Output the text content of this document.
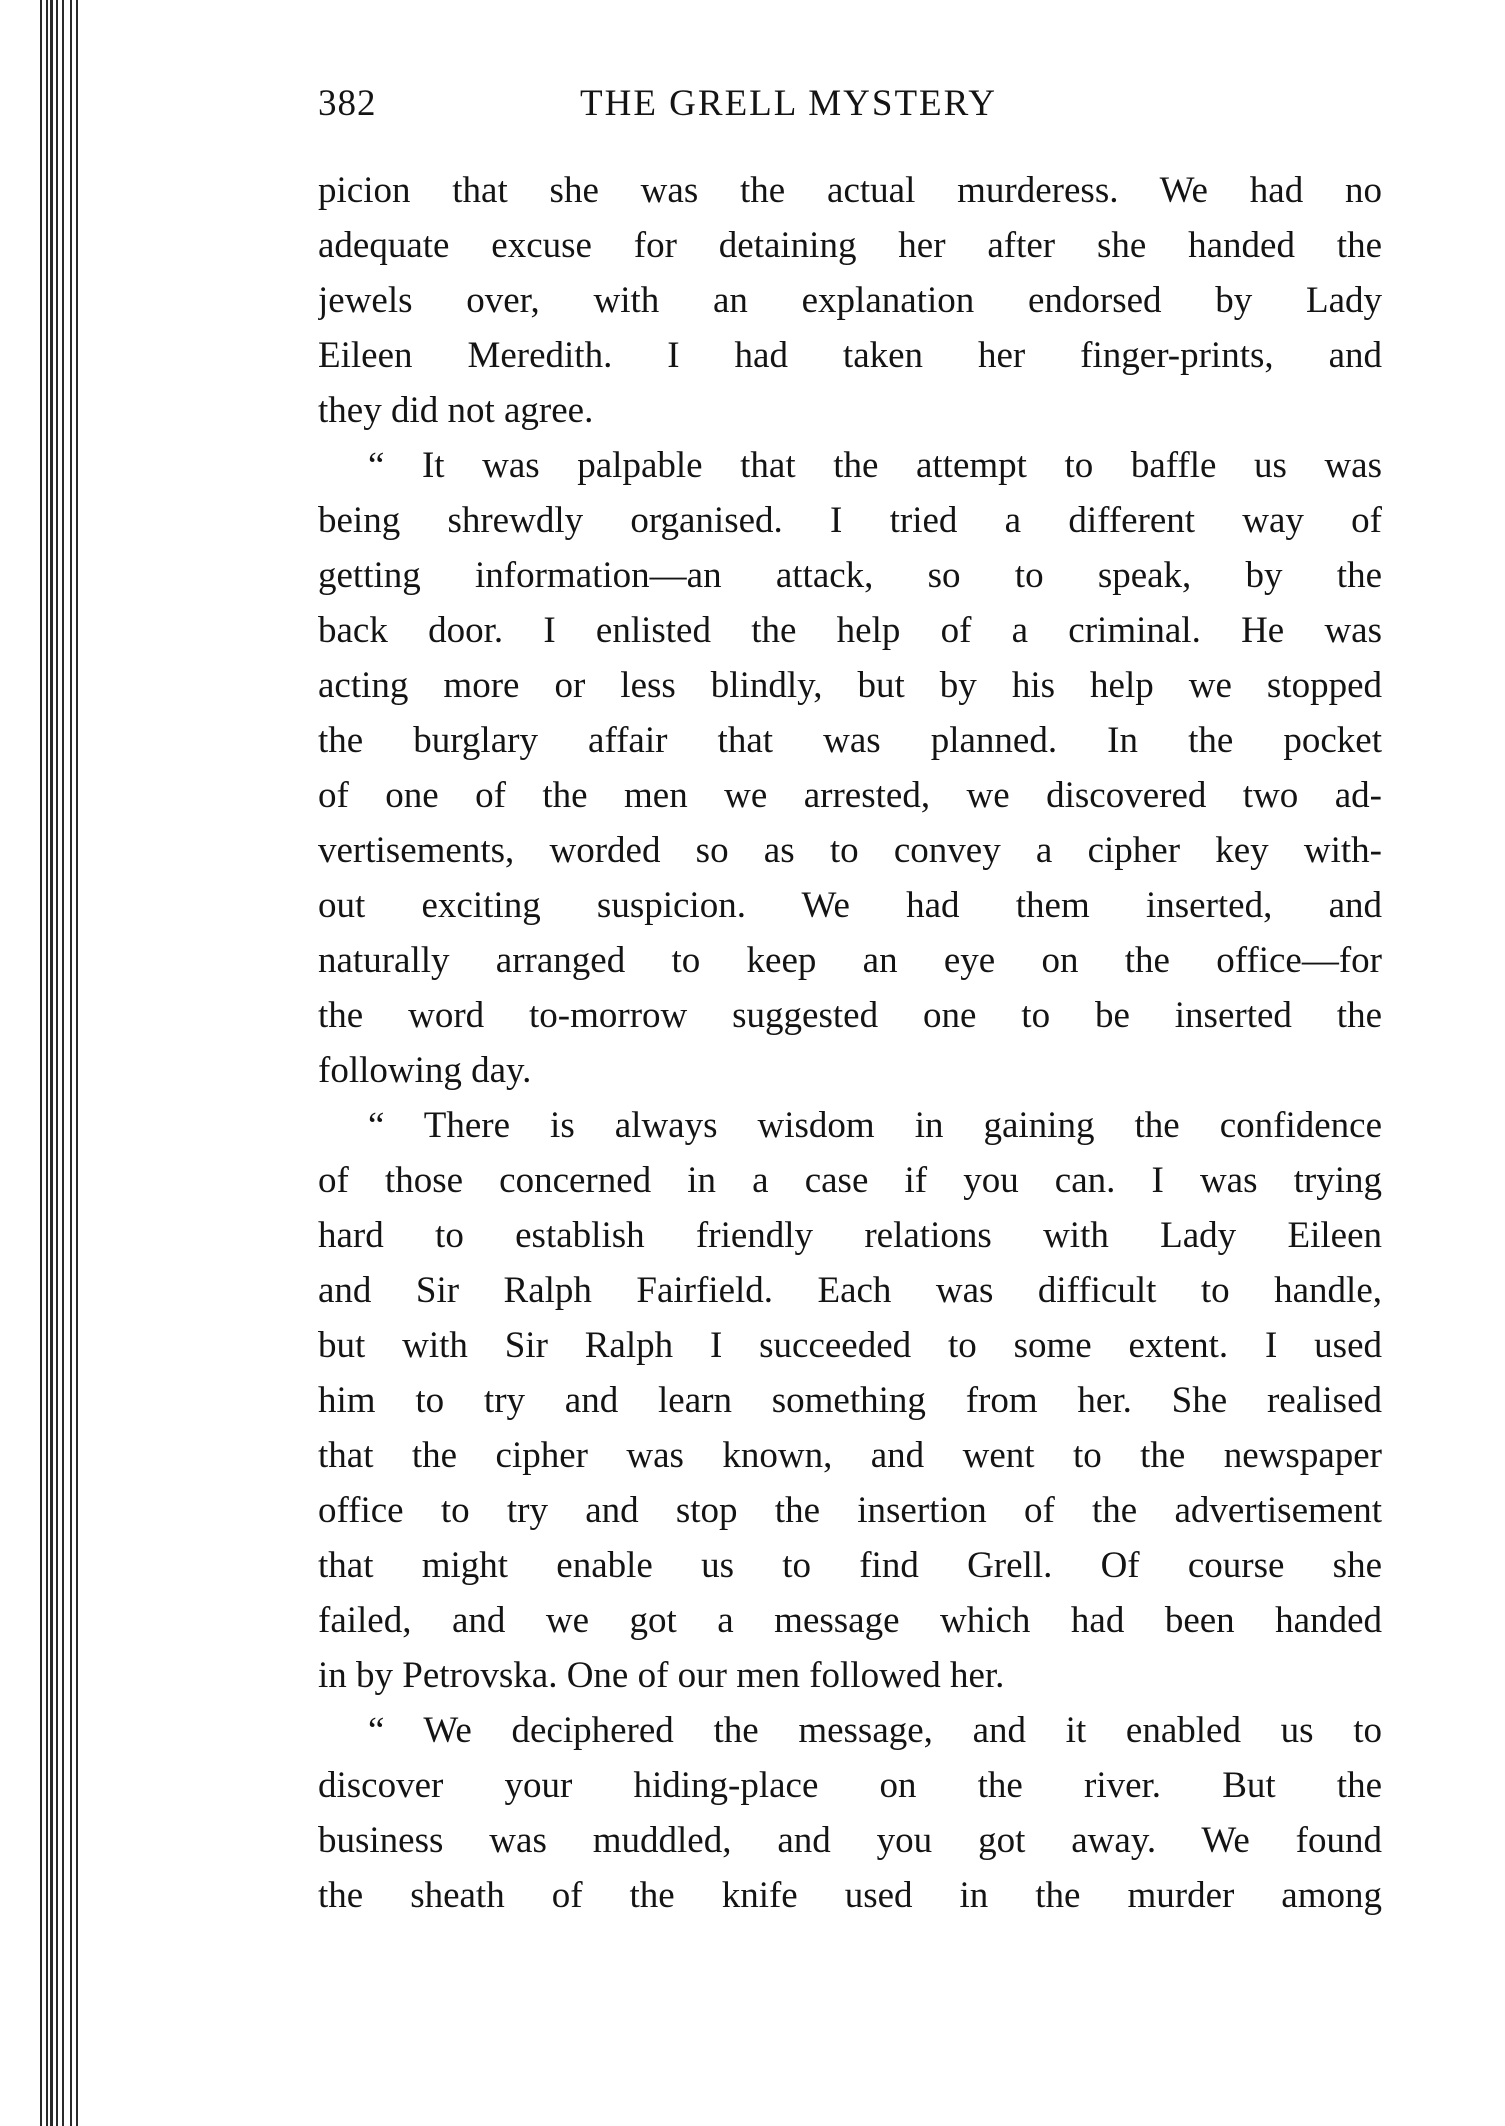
382	THE GRELL MYSTERY
picion that she was the actual murderess. We had no
adequate excuse for detaining her after she handed the
jewels over, with an explanation endorsed by Lady
Eileen Meredith. I had taken her finger-prints, and
they did not agree.
“ It was palpable that the attempt to baffle us was
being shrewdly organised. I tried a different way of
getting information—an attack, so to speak, by the
back door. I enlisted the help of a criminal. He was
acting more or less blindly, but by his help we stopped
the burglary affair that was planned. In the pocket
of one of the men we arrested, we discovered two ad-
vertisements, worded so as to convey a cipher key with-
out exciting suspicion. We had them inserted, and
naturally arranged to keep an eye on the office—for
the word to-morrow suggested one to be inserted the
following day.
“ There is always wisdom in gaining the confidence
of those concerned in a case if you can. I was trying
hard to establish friendly relations with Lady Eileen
and Sir Ralph Fairfield. Each was difficult to handle,
but with Sir Ralph I succeeded to some extent. I used
him to try and learn something from her. She realised
that the cipher was known, and went to the newspaper
office to try and stop the insertion of the advertisement
that might enable us to find Grell. Of course she
failed, and we got a message which had been handed
in by Petrovska. One of our men followed her.
“ We deciphered the message, and it enabled us to
discover your hiding-place on the river. But the
business was muddled, and you got away. We found
the sheath of the knife used in the murder among
